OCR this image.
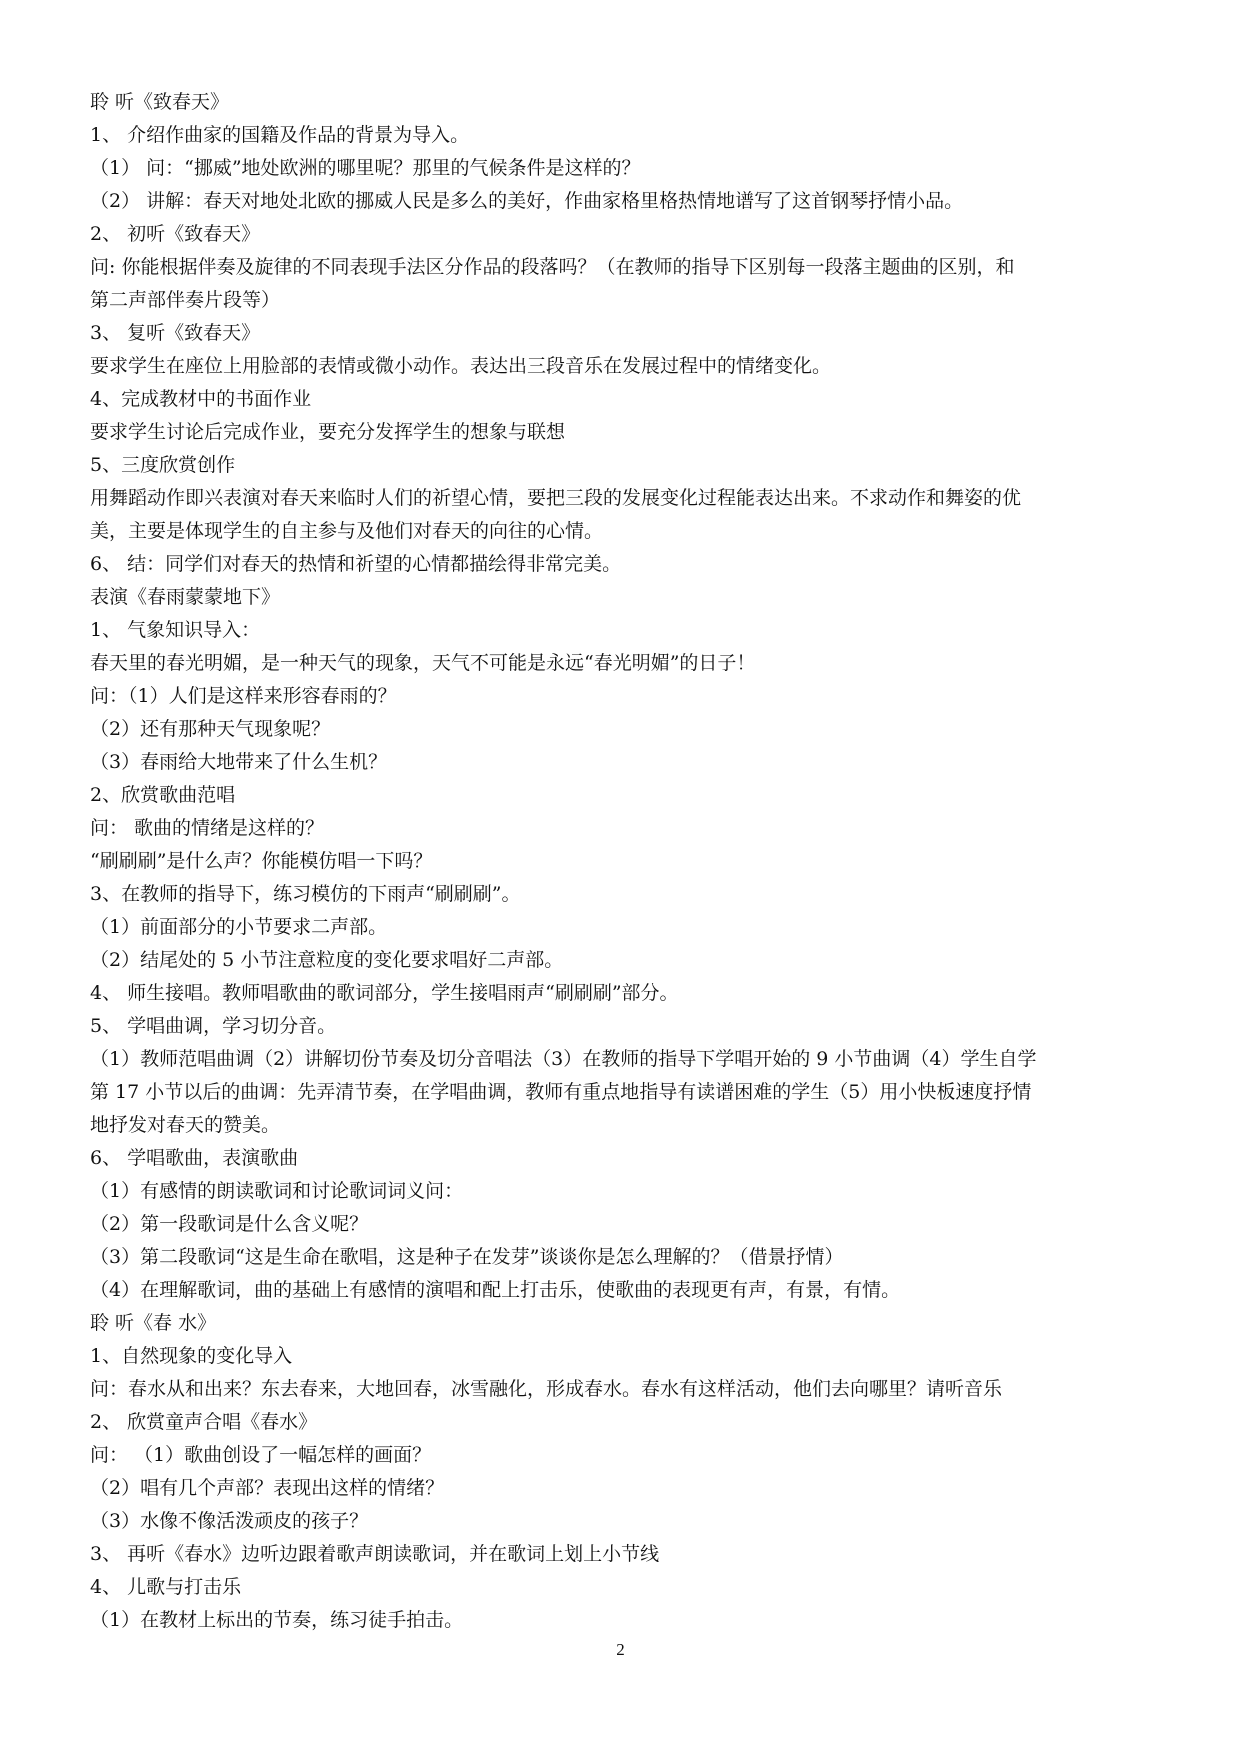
聆 听《致春天》
1、 介绍作曲家的国籍及作品的背景为导入。
（1） 问：“挪威”地处欧洲的哪里呢？那里的气候条件是这样的？
（2） 讲解：春天对地处北欧的挪威人民是多么的美好，作曲家格里格热情地谱写了这首钢琴抒情小品。
2、 初听《致春天》
问: 你能根据伴奏及旋律的不同表现手法区分作品的段落吗？（在教师的指导下区别每一段落主题曲的区别，和
第二声部伴奏片段等）
3、 复听《致春天》
要求学生在座位上用脸部的表情或微小动作。表达出三段音乐在发展过程中的情绪变化。
4、完成教材中的书面作业
要求学生讨论后完成作业，要充分发挥学生的想象与联想
5、三度欣赏创作
用舞蹈动作即兴表演对春天来临时人们的祈望心情，要把三段的发展变化过程能表达出来。不求动作和舞姿的优
美，主要是体现学生的自主参与及他们对春天的向往的心情。
6、 结：同学们对春天的热情和祈望的心情都描绘得非常完美。
表演《春雨蒙蒙地下》
1、 气象知识导入：
春天里的春光明媚，是一种天气的现象，天气不可能是永远“春光明媚”的日子！
问：（1）人们是这样来形容春雨的？
（2）还有那种天气现象呢？
（3）春雨给大地带来了什么生机？
2、欣赏歌曲范唱
问： 歌曲的情绪是这样的？
“刷刷刷”是什么声？你能模仿唱一下吗？
3、在教师的指导下，练习模仿的下雨声“刷刷刷”。
（1）前面部分的小节要求二声部。
（2）结尾处的 5 小节注意粒度的变化要求唱好二声部。
4、 师生接唱。教师唱歌曲的歌词部分，学生接唱雨声“刷刷刷”部分。
5、 学唱曲调，学习切分音。
（1）教师范唱曲调（2）讲解切份节奏及切分音唱法（3）在教师的指导下学唱开始的 9 小节曲调（4）学生自学
第 17 小节以后的曲调：先弄清节奏，在学唱曲调，教师有重点地指导有读谱困难的学生（5）用小快板速度抒情
地抒发对春天的赞美。
6、 学唱歌曲，表演歌曲
（1）有感情的朗读歌词和讨论歌词词义问：
（2）第一段歌词是什么含义呢？
（3）第二段歌词“这是生命在歌唱，这是种子在发芽”谈谈你是怎么理解的？（借景抒情）
（4）在理解歌词，曲的基础上有感情的演唱和配上打击乐，使歌曲的表现更有声，有景，有情。
聆 听《春 水》
1、自然现象的变化导入
问：春水从和出来？东去春来，大地回春，冰雪融化，形成春水。春水有这样活动，他们去向哪里？请听音乐
2、 欣赏童声合唱《春水》
问： （1）歌曲创设了一幅怎样的画面？
（2）唱有几个声部？表现出这样的情绪？
（3）水像不像活泼顽皮的孩子？
3、 再听《春水》边听边跟着歌声朗读歌词，并在歌词上划上小节线
4、 儿歌与打击乐
（1）在教材上标出的节奏，练习徒手拍击。
2
